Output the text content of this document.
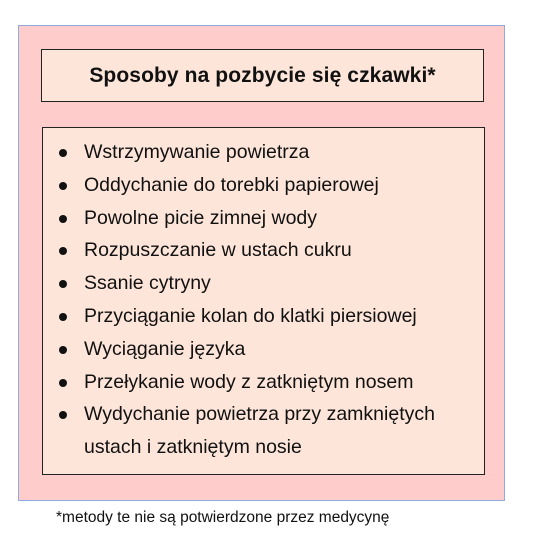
Sposoby na pozbycie się czkawki*
Wstrzymywanie powietrza
Oddychanie do torebki papierowej
Powolne picie zimnej wody
Rozpuszczanie w ustach cukru
Ssanie cytryny
Przyciąganie kolan do klatki piersiowej
Wyciąganie języka
Przełykanie wody z zatkniętym nosem
Wydychanie powietrza przy zamkniętych ustach i zatkniętym nosie
*metody te nie są potwierdzone przez medycynę
